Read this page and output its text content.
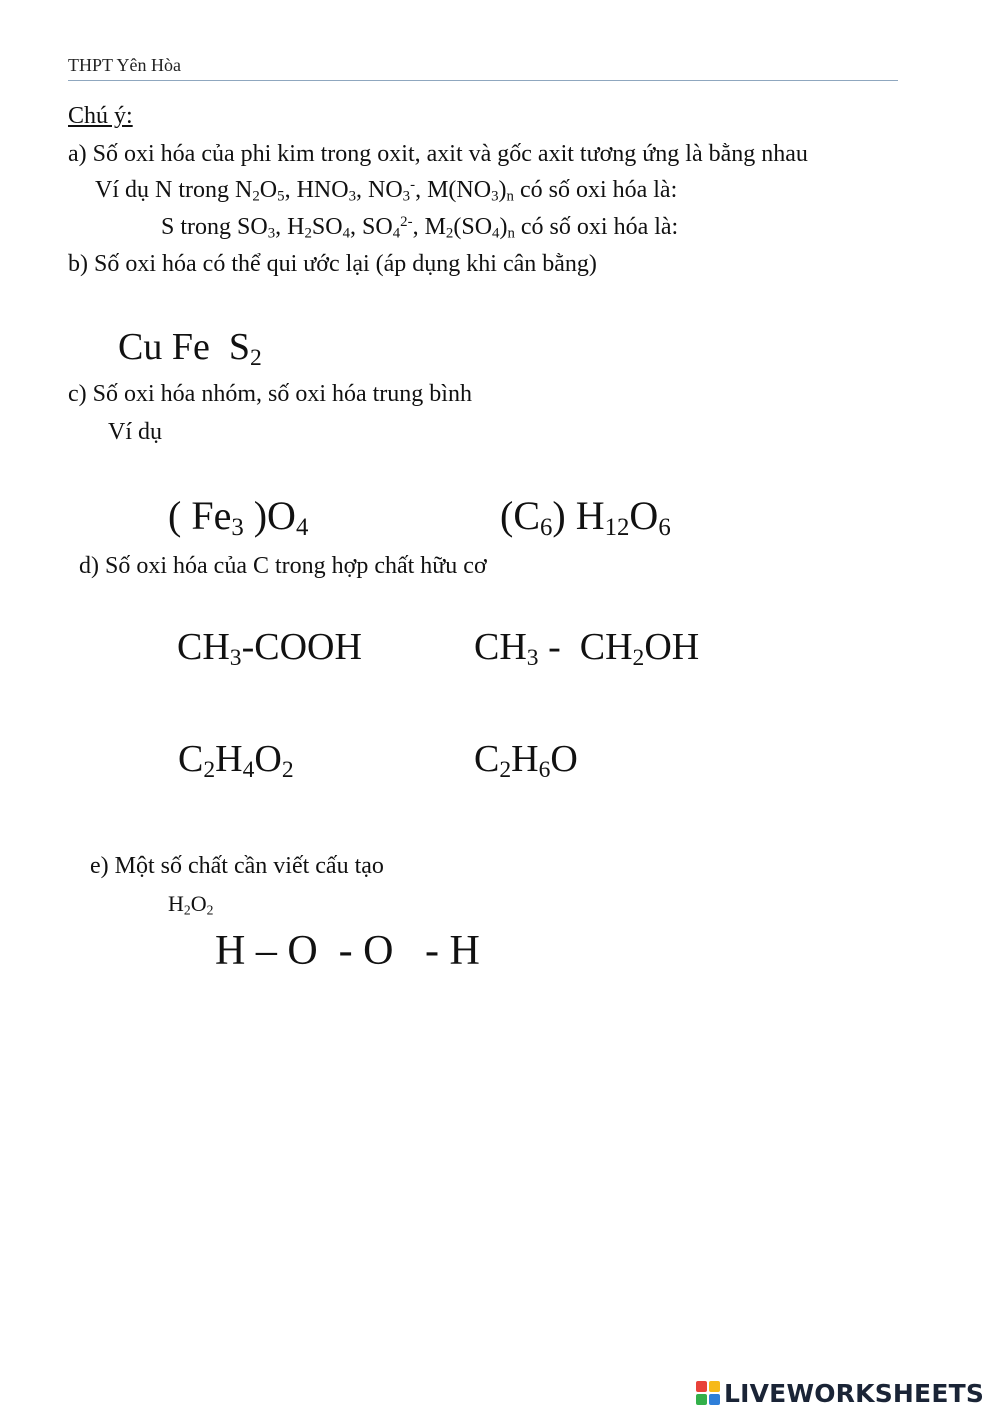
THPT Yên Hòa
Chú ý:
a) Số oxi hóa của phi kim trong oxit, axit và gốc axit tương ứng là bằng nhau
Ví dụ N trong $N_2O_5$, $HNO_3$, $NO_3^-$, $M(NO_3)_n$ có số oxi hóa là:
S trong $SO_3$, $H_2SO_4$, $SO_4^{2-}$, $M_2(SO_4)_n$ có số oxi hóa là:
b) Số oxi hóa có thể qui ước lại (áp dụng khi cân bằng)
Cu Fe  $S_2$
c) Số oxi hóa nhóm, số oxi hóa trung bình
Ví dụ
( $Fe_3$ )$O_4$	$(C_6)$ $H_{12}O_6$
d) Số oxi hóa của C trong hợp chất hữu cơ
$CH_3$-COOH	$CH_3 - CH_2OH$
$C_2H_4O_2$	$C_2H_6O$
e) Một số chất cần viết cấu tạo
$H_2O_2$
H – O  - O   - H
LIVEWORKSHEETS
